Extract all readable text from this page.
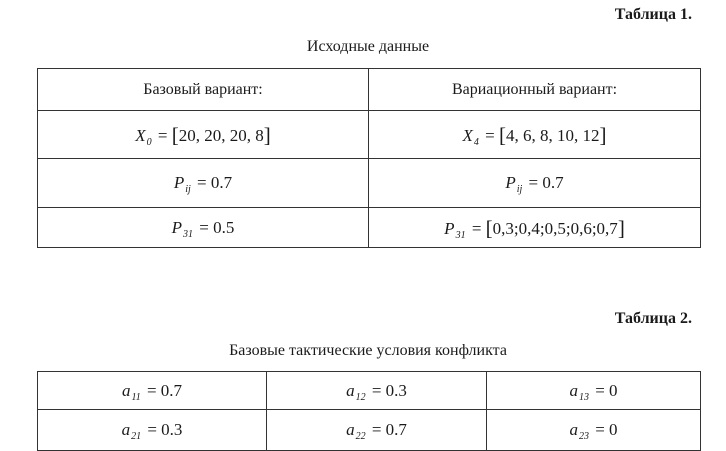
Таблица 1.
Исходные данные
Базовый вариант:	Вариационный вариант:
$X_0 = [20$, 20, 20, 8]	$X_4 = [4$, 6, 8, 10, 12]
$P_{ij} = 0.7$	$P_{ij} = 0.7$
$P_{31} = 0.5$	$P_{31}$ = [0,3;0,4;0,5;0,6;0,7]
Таблица 2.
Базовые тактические условия конфликта
$a_{11} = 0.7$	$a_{12} = 0.3$	$a_{13} = 0$
$a_{21} = 0.3$	$a_{22} = 0.7$	$a_{23} = 0$
